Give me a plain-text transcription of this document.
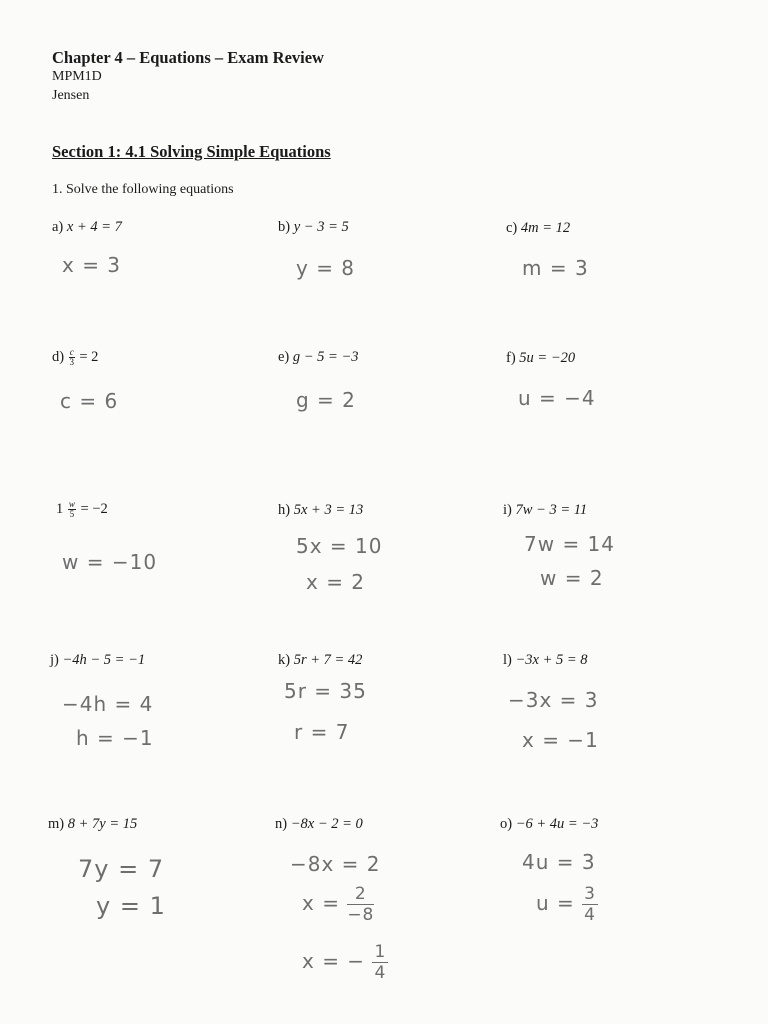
Chapter 4 – Equations – Exam Review
MPM1D
Jensen
Section 1: 4.1 Solving Simple Equations
1. Solve the following equations
a) x + 4 = 7
x = 3
b) y − 3 = 5
y = 8
c) 4m = 12
m = 3
$d) \frac{c}{3} = 2$
c = 6
e) g − 5 = −3
g = 2
f) 5u = −20
u = −4
$1 \frac{w}{5} = -2$
w = −10
h) 5x + 3 = 13
5x = 10
x = 2
i) 7w − 3 = 11
7w = 14
w = 2
j) −4h − 5 = −1
−4h = 4
h = −1
k) 5r + 7 = 42
5r = 35
r = 7
l) −3x + 5 = 8
−3x = 3
x = −1
m) 8 + 7y = 15
7y = 7
y = 1
n) −8x − 2 = 0
−8x = 2
$x = \frac{2}{-8}$
x = − $\frac{1}{4}$
o) −6 + 4u = −3
4u = 3
$u = \frac{3}{4}$
